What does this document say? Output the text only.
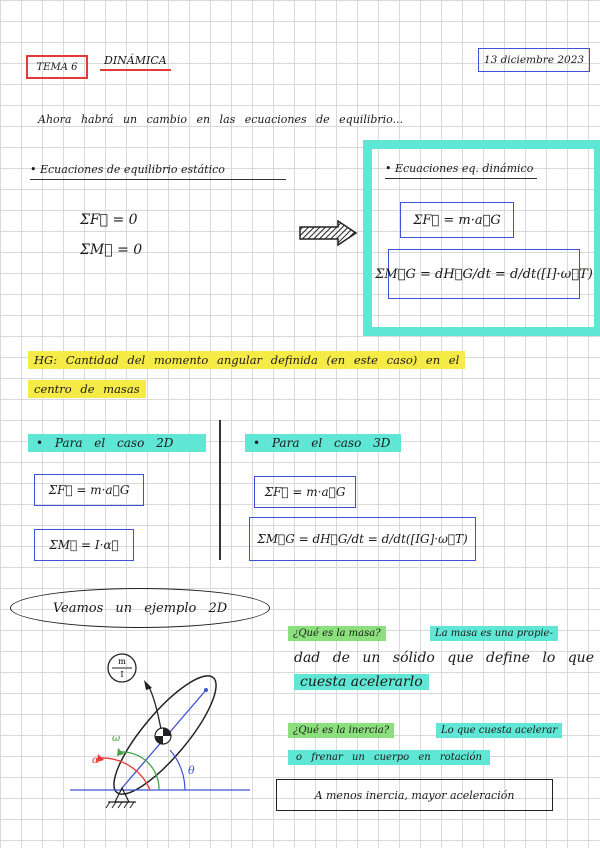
TEMA 6	DINÁMICA	13 diciembre 2023
Ahora habrá un cambio en las ecuaciones de equilibrio...
• Ecuaciones de equilibrio estático
ΣF⃗ = 0
ΣM⃗ = 0
• Ecuaciones eq. dinámico
ΣF⃗ = m·a⃗G
ΣM⃗G = dH⃗G/dt = d/dt([I]·ω⃗T)
HG: Cantidad del momento angular definida (en este caso) en el
centro de masas
• Para el caso 2D	• Para el caso 3D
ΣF⃗ = m·a⃗G
ΣM⃗ = I·α⃗
ΣF⃗ = m·a⃗G
ΣM⃗G = dH⃗G/dt = d/dt([IG]·ω⃗T)
Veamos un ejemplo 2D
m
I
θ
ω
α
¿Qué es la masa?	La masa es una propie-
dad de un sólido que define lo que
cuesta acelerarlo
¿Qué es la inercia?	Lo que cuesta acelerar
o frenar un cuerpo en rotación
A menos inercia, mayor aceleración
